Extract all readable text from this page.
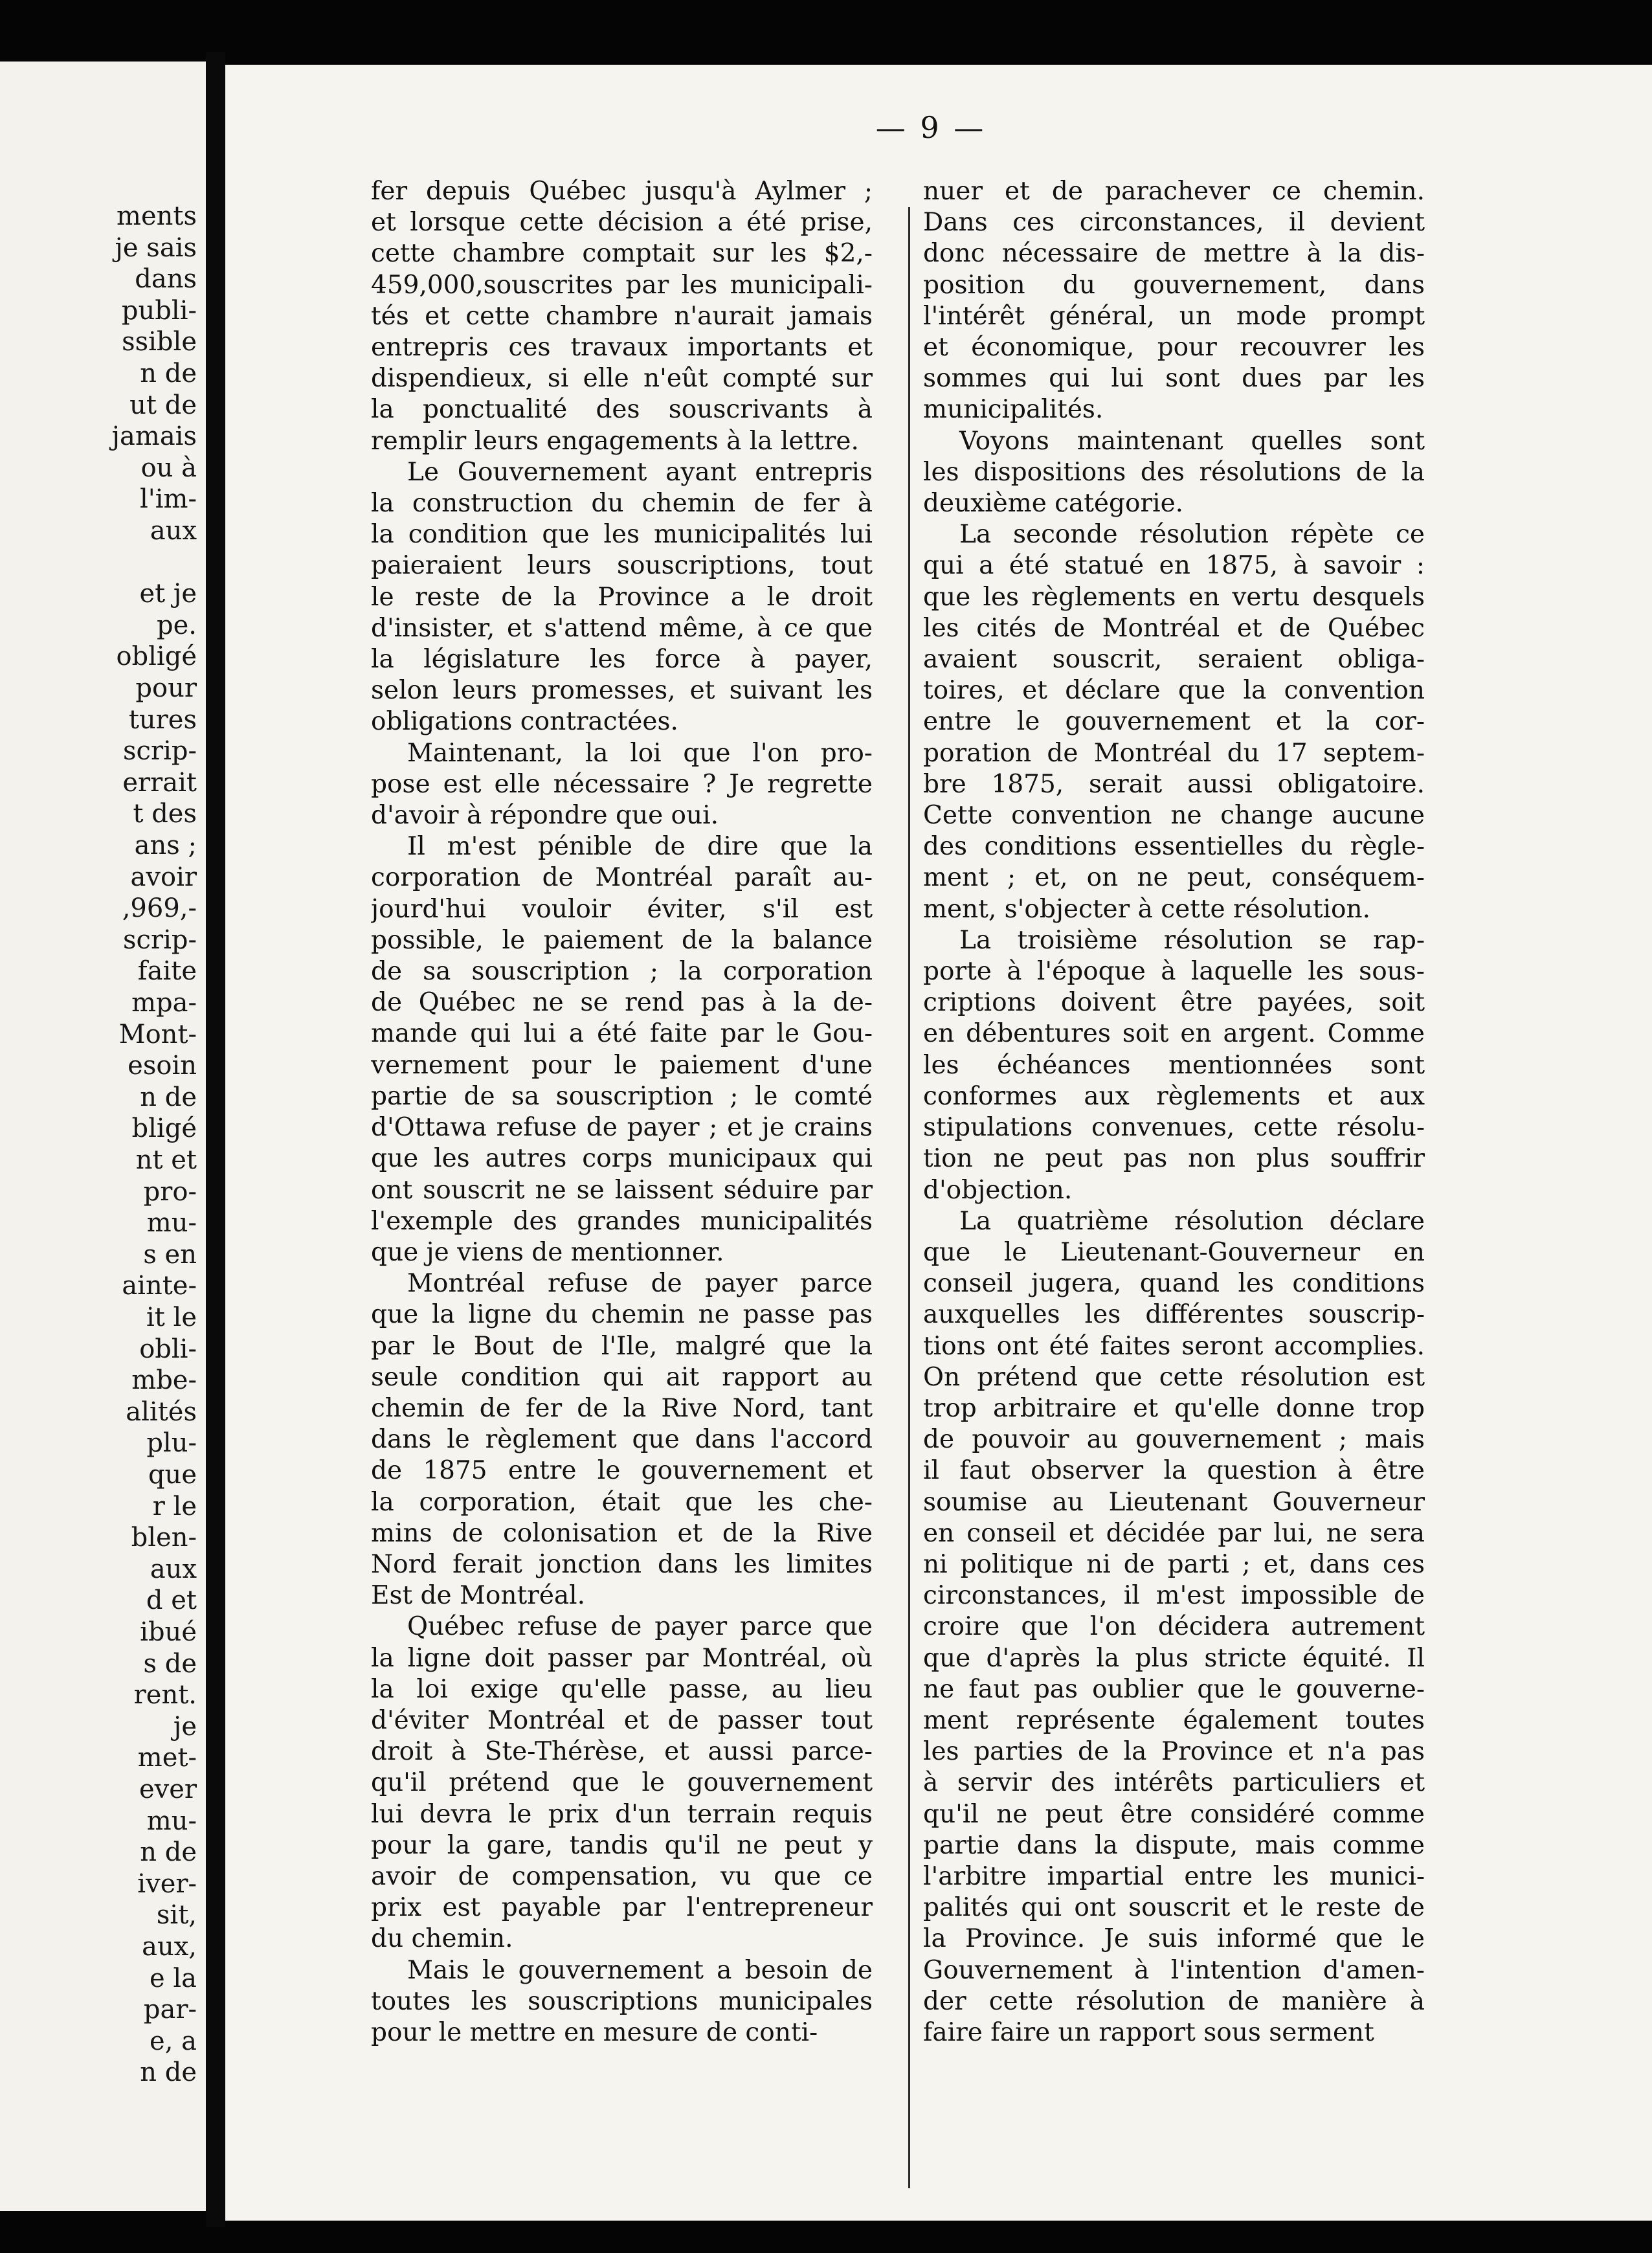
ments
je sais
dans
publi-
ssible
n de
ut de
jamais
ou à
l'im-
aux
et je
pe.
obligé
pour
tures
scrip-
errait
t des
ans ;
avoir
,969,-
scrip-
faite
mpa-
Mont-
esoin
n de
bligé
nt et
pro-
mu-
s en
ainte-
it le
obli-
mbe-
alités
plu-
que
r le
blen-
aux
d et
ibué
s de
rent.
je
met-
ever
mu-
n de
iver-
sit,
aux,
e la
par-
e, a
n de
— 9 —

fer depuis Québec jusqu'à Aylmer ;
et lorsque cette décision a été prise,
cette chambre comptait sur les $2,-
459,000,souscrites par les municipali-
tés et cette chambre n'aurait jamais
entrepris ces travaux importants et
dispendieux, si elle n'eût compté sur
la ponctualité des souscrivants à
remplir leurs engagements à la lettre.

Le Gouvernement ayant entrepris
la construction du chemin de fer à
la condition que les municipalités lui
paieraient leurs souscriptions, tout
le reste de la Province a le droit
d'insister, et s'attend même, à ce que
la législature les force à payer,
selon leurs promesses, et suivant les
obligations contractées.

Maintenant, la loi que l'on pro-
pose est elle nécessaire ? Je regrette
d'avoir à répondre que oui.

Il m'est pénible de dire que la
corporation de Montréal paraît au-
jourd'hui vouloir éviter, s'il est
possible, le paiement de la balance
de sa souscription ; la corporation
de Québec ne se rend pas à la de-
mande qui lui a été faite par le Gou-
vernement pour le paiement d'une
partie de sa souscription ; le comté
d'Ottawa refuse de payer ; et je crains
que les autres corps municipaux qui
ont souscrit ne se laissent séduire par
l'exemple des grandes municipalités
que je viens de mentionner.

Montréal refuse de payer parce
que la ligne du chemin ne passe pas
par le Bout de l'Ile, malgré que la
seule condition qui ait rapport au
chemin de fer de la Rive Nord, tant
dans le règlement que dans l'accord
de 1875 entre le gouvernement et
la corporation, était que les che-
mins de colonisation et de la Rive
Nord ferait jonction dans les limites
Est de Montréal.

Québec refuse de payer parce que
la ligne doit passer par Montréal, où
la loi exige qu'elle passe, au lieu
d'éviter Montréal et de passer tout
droit à Ste-Thérèse, et aussi parce-
qu'il prétend que le gouvernement
lui devra le prix d'un terrain requis
pour la gare, tandis qu'il ne peut y
avoir de compensation, vu que ce
prix est payable par l'entrepreneur
du chemin.

Mais le gouvernement a besoin de
toutes les souscriptions municipales
pour le mettre en mesure de conti-

nuer et de parachever ce chemin.
Dans ces circonstances, il devient
donc nécessaire de mettre à la dis-
position du gouvernement, dans
l'intérêt général, un mode prompt
et économique, pour recouvrer les
sommes qui lui sont dues par les
municipalités.

Voyons maintenant quelles sont
les dispositions des résolutions de la
deuxième catégorie.

La seconde résolution répète ce
qui a été statué en 1875, à savoir :
que les règlements en vertu desquels
les cités de Montréal et de Québec
avaient souscrit, seraient obliga-
toires, et déclare que la convention
entre le gouvernement et la cor-
poration de Montréal du 17 septem-
bre 1875, serait aussi obligatoire.
Cette convention ne change aucune
des conditions essentielles du règle-
ment ; et, on ne peut, conséquem-
ment, s'objecter à cette résolution.

La troisième résolution se rap-
porte à l'époque à laquelle les sous-
criptions doivent être payées, soit
en débentures soit en argent. Comme
les échéances mentionnées sont
conformes aux règlements et aux
stipulations convenues, cette résolu-
tion ne peut pas non plus souffrir
d'objection.

La quatrième résolution déclare
que le Lieutenant-Gouverneur en
conseil jugera, quand les conditions
auxquelles les différentes souscrip-
tions ont été faites seront accomplies.
On prétend que cette résolution est
trop arbitraire et qu'elle donne trop
de pouvoir au gouvernement ; mais
il faut observer la question à être
soumise au Lieutenant Gouverneur
en conseil et décidée par lui, ne sera
ni politique ni de parti ; et, dans ces
circonstances, il m'est impossible de
croire que l'on décidera autrement
que d'après la plus stricte équité. Il
ne faut pas oublier que le gouverne-
ment représente également toutes
les parties de la Province et n'a pas
à servir des intérêts particuliers et
qu'il ne peut être considéré comme
partie dans la dispute, mais comme
l'arbitre impartial entre les munici-
palités qui ont souscrit et le reste de
la Province. Je suis informé que le
Gouvernement à l'intention d'amen-
der cette résolution de manière à
faire faire un rapport sous serment
